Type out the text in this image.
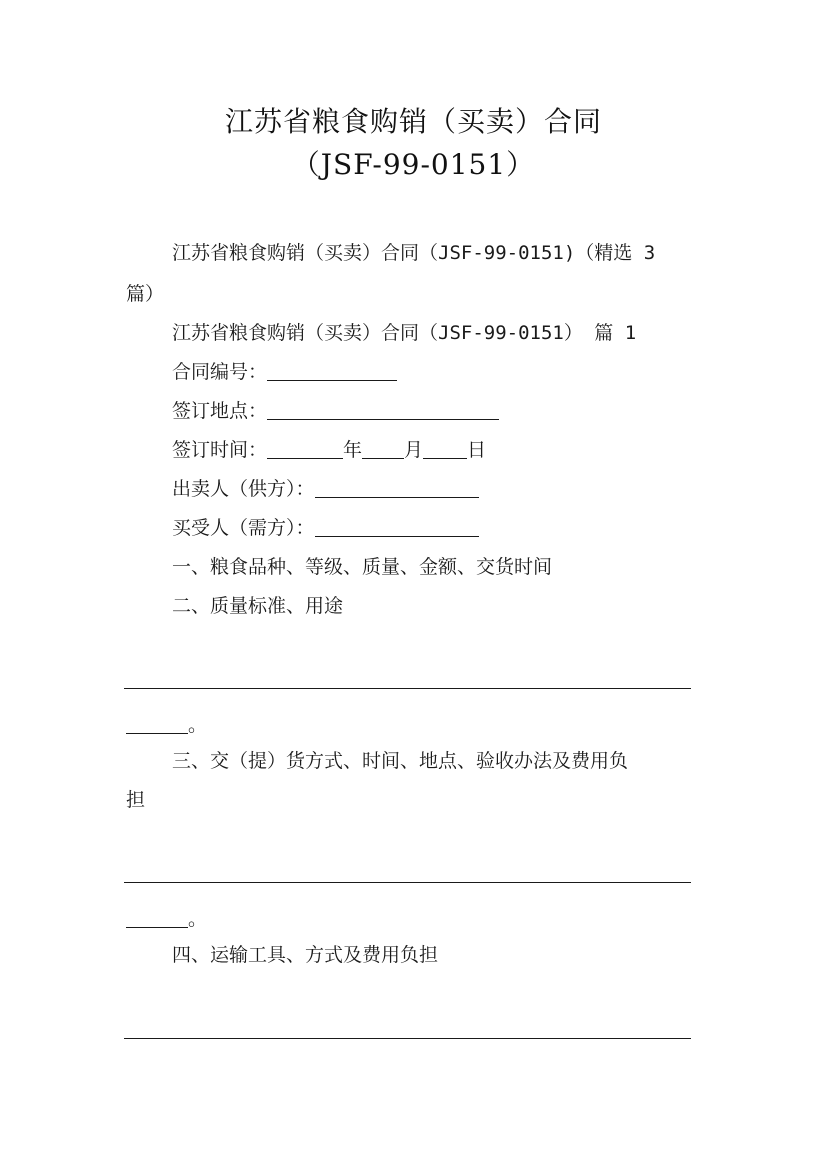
江苏省粮食购销（买卖）合同
（JSF-99-0151）
江苏省粮食购销（买卖）合同（JSF-99-0151)（精选 3
篇）
江苏省粮食购销（买卖）合同（JSF-99-0151） 篇 1
合同编号：
签订地点：
签订时间：	年 月 日
出卖人（供方）：
买受人（需方）：
一、粮食品种、等级、质量、金额、交货时间
二、质量标准、用途
。
三、交（提）货方式、时间、地点、验收办法及费用负
担
。
四、运输工具、方式及费用负担
